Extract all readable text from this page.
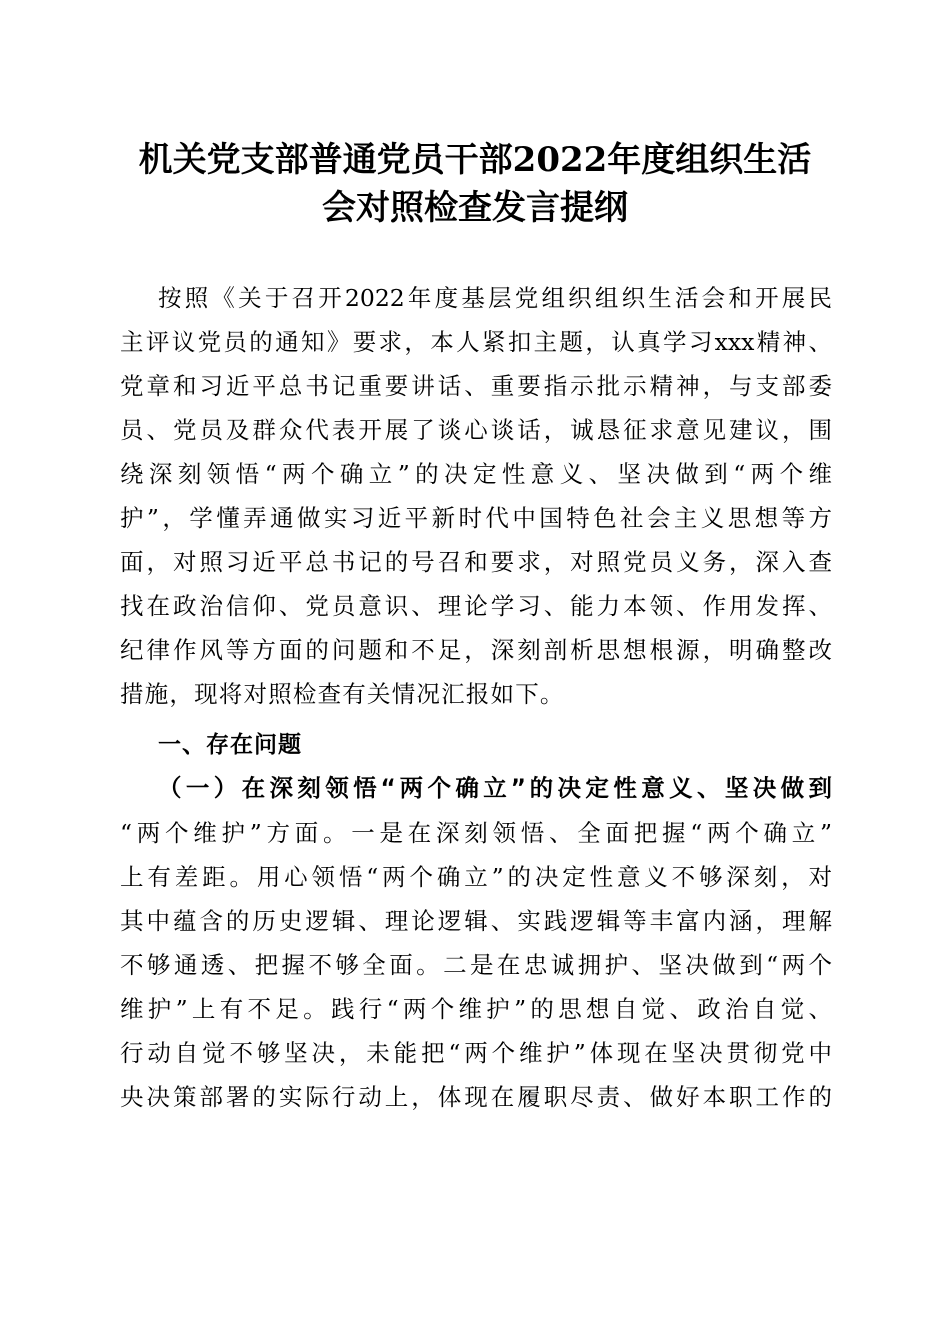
机关党支部普通党员干部2022年度组织生活
会对照检查发言提纲
按照《关于召开2022年度基层党组织组织生活会和开展民
主评议党员的通知》要求，本人紧扣主题，认真学习xxx精神、
党章和习近平总书记重要讲话、重要指示批示精神，与支部委
员、党员及群众代表开展了谈心谈话，诚恳征求意见建议，围
绕深刻领悟“两个确立”的决定性意义、坚决做到“两个维
护”，学懂弄通做实习近平新时代中国特色社会主义思想等方
面，对照习近平总书记的号召和要求，对照党员义务，深入查
找在政治信仰、党员意识、理论学习、能力本领、作用发挥、
纪律作风等方面的问题和不足，深刻剖析思想根源，明确整改
措施，现将对照检查有关情况汇报如下。
一、存在问题
（一）在深刻领悟“两个确立”的决定性意义、坚决做到
“两个维护”方面。一是在深刻领悟、全面把握“两个确立”
上有差距。用心领悟“两个确立”的决定性意义不够深刻，对
其中蕴含的历史逻辑、理论逻辑、实践逻辑等丰富内涵，理解
不够通透、把握不够全面。二是在忠诚拥护、坚决做到“两个
维护”上有不足。践行“两个维护”的思想自觉、政治自觉、
行动自觉不够坚决，未能把“两个维护”体现在坚决贯彻党中
央决策部署的实际行动上，体现在履职尽责、做好本职工作的
